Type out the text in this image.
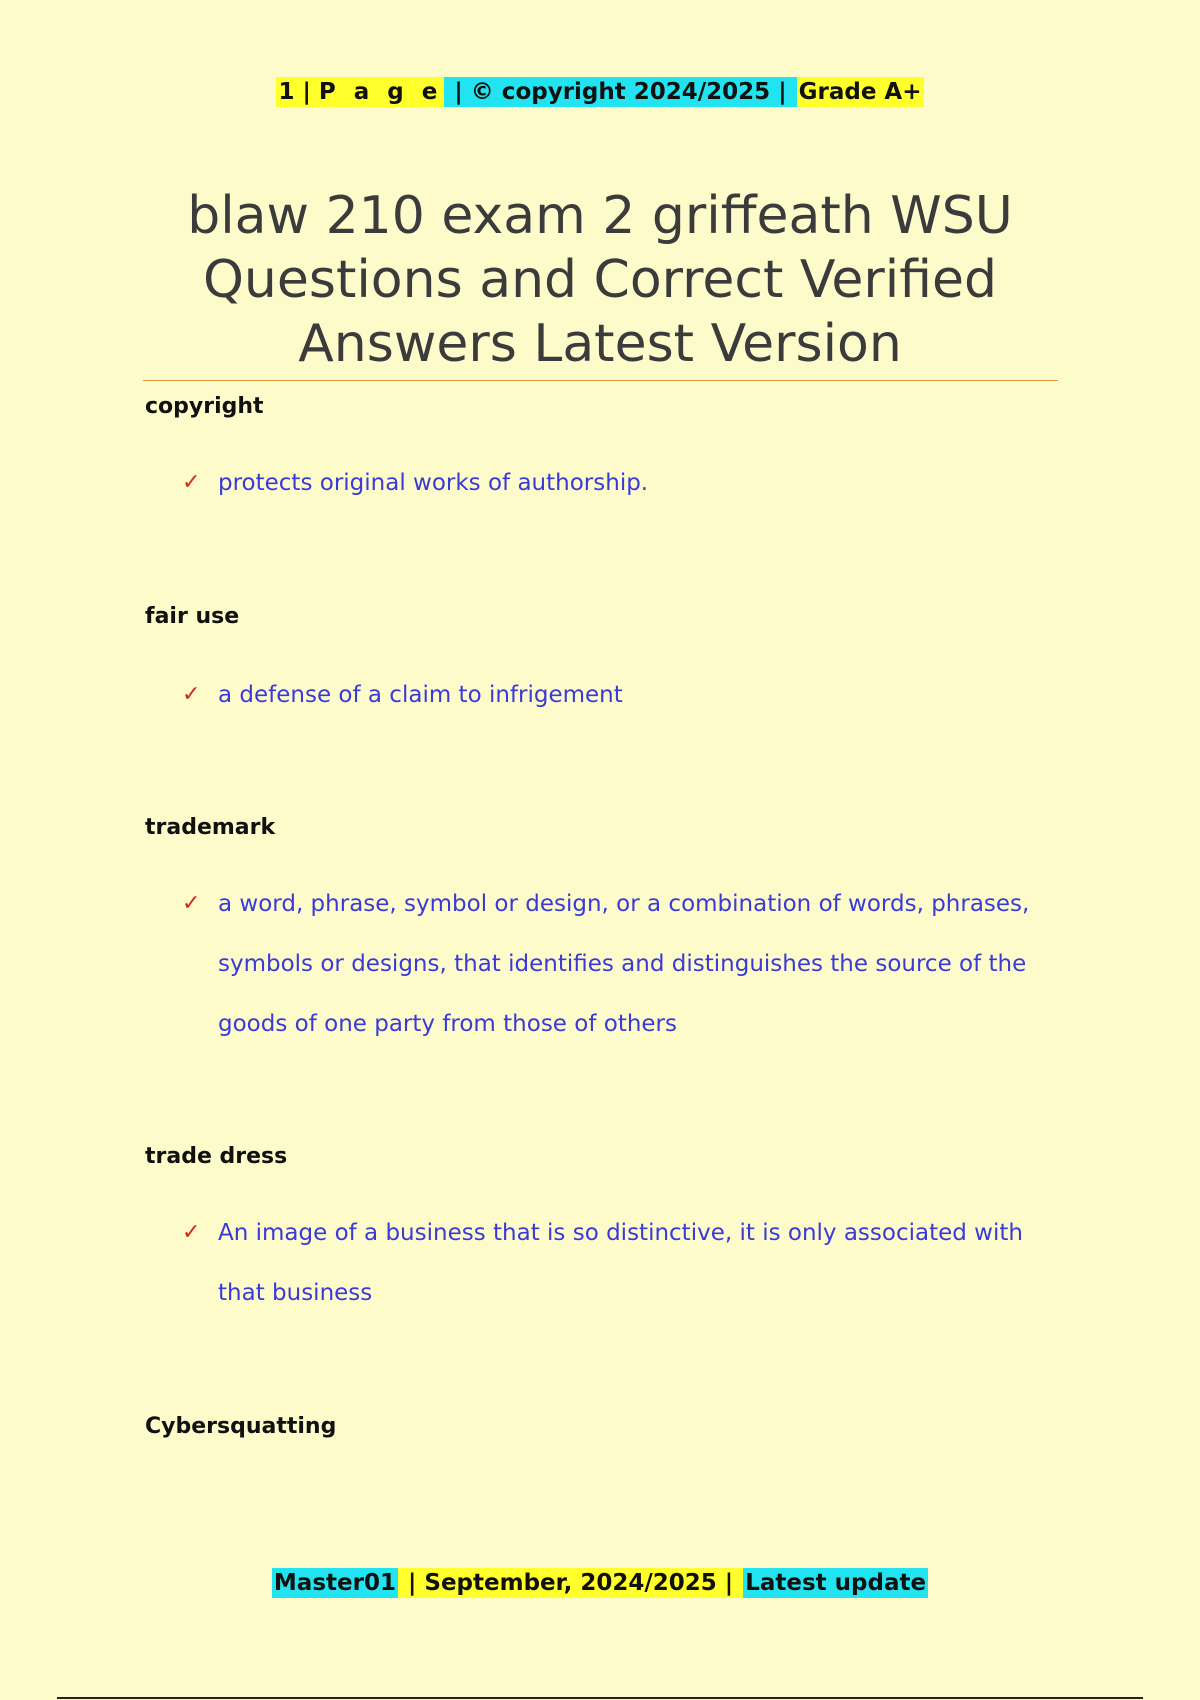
1 | P a g e | © copyright 2024/2025 | Grade A+
blaw 210 exam 2 griffeath WSU Questions and Correct Verified Answers Latest Version
copyright
✓ protects original works of authorship.
fair use
✓ a defense of a claim to infrigement
trademark
✓ a word, phrase, symbol or design, or a combination of words, phrases, symbols or designs, that identifies and distinguishes the source of the goods of one party from those of others
trade dress
✓ An image of a business that is so distinctive, it is only associated with that business
Cybersquatting
Master01 | September, 2024/2025 | Latest update
